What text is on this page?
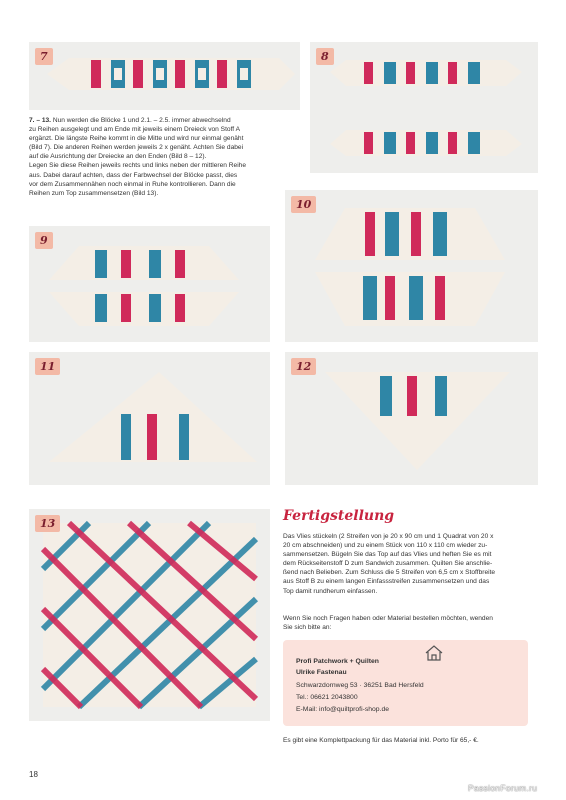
7	8
7. – 13. Nun werden die Blöcke 1 und 2.1. – 2.5. immer abwechselnd
zu Reihen ausgelegt und am Ende mit jeweils einem Dreieck von Stoff A
ergänzt. Die längste Reihe kommt in die Mitte und wird nur einmal genäht
(Bild 7). Die anderen Reihen werden jeweils 2 x genäht. Achten Sie dabei
auf die Ausrichtung der Dreiecke an den Enden (Bild 8 – 12).
Legen Sie diese Reihen jeweils rechts und links neben der mittleren Reihe
aus. Dabei darauf achten, dass der Farbwechsel der Blöcke passt, dies
vor dem Zusammennähen noch einmal in Ruhe kontrollieren. Dann die
Reihen zum Top zusammensetzen (Bild 13).
9
10
11	12
13	Fertigstellung
Das Vlies stückeln (2 Streifen von je 20 x 90 cm und 1 Quadrat von 20 x
20 cm abschneiden) und zu einem Stück von 110 x 110 cm wieder zu-
sammensetzen. Bügeln Sie das Top auf das Vlies und heften Sie es mit
dem Rückseitenstoff D zum Sandwich zusammen. Quilten Sie anschlie-
ßend nach Belieben. Zum Schluss die 5 Streifen von 6,5 cm x Stoffbreite
aus Stoff B zu einem langen Einfassstreifen zusammensetzen und das
Top damit rundherum einfassen.
Wenn Sie noch Fragen haben oder Material bestellen möchten, wenden
Sie sich bitte an:
Profi Patchwork + Quilten
Ulrike Fastenau
Schwarzdornweg 53 · 36251 Bad Hersfeld
Tel.: 06621 2043800
E-Mail: info@quiltprofi-shop.de
Es gibt eine Komplettpackung für das Material inkl. Porto für 65,- €.
18
PassionForum.ru
